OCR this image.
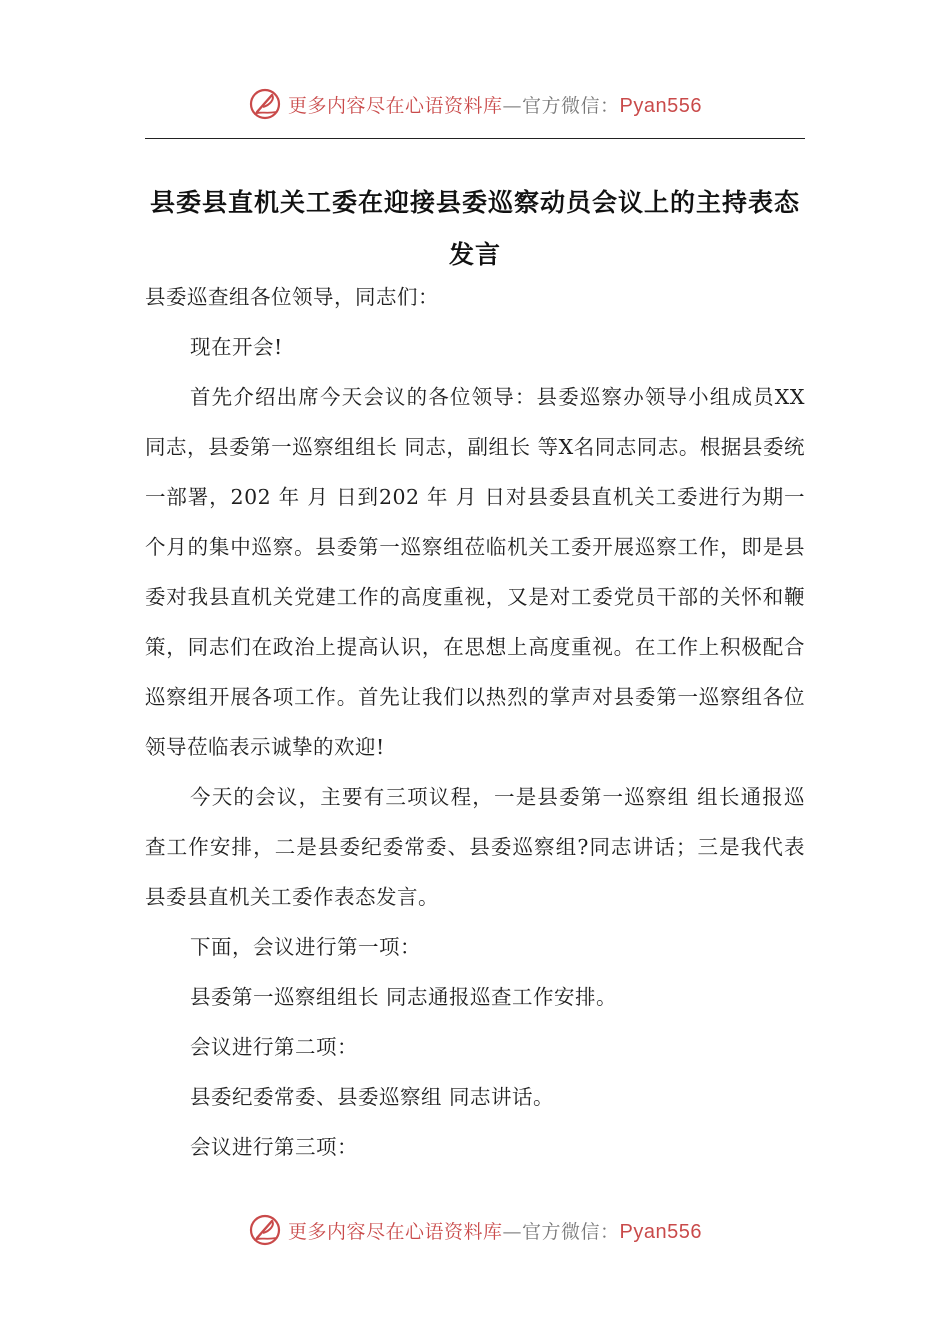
更多内容尽在心语资料库—官方微信：Pyan556
县委县直机关工委在迎接县委巡察动员会议上的主持表态发言

县委巡查组各位领导，同志们：

现在开会!

首先介绍出席今天会议的各位领导：县委巡察办领导小组成员XX同志，县委第一巡察组组长 同志，副组长 等X名同志同志。根据县委统一部署，202 年 月 日到202 年 月 日对县委县直机关工委进行为期一个月的集中巡察。县委第一巡察组莅临机关工委开展巡察工作，即是县委对我县直机关党建工作的高度重视，又是对工委党员干部的关怀和鞭策，同志们在政治上提高认识，在思想上高度重视。在工作上积极配合巡察组开展各项工作。首先让我们以热烈的掌声对县委第一巡察组各位领导莅临表示诚挚的欢迎!

今天的会议，主要有三项议程，一是县委第一巡察组 组长通报巡查工作安排，二是县委纪委常委、县委巡察组?同志讲话；三是我代表县委县直机关工委作表态发言。

下面，会议进行第一项：

县委第一巡察组组长 同志通报巡查工作安排。

会议进行第二项：

县委纪委常委、县委巡察组 同志讲话。

会议进行第三项：

更多内容尽在心语资料库—官方微信：Pyan556
